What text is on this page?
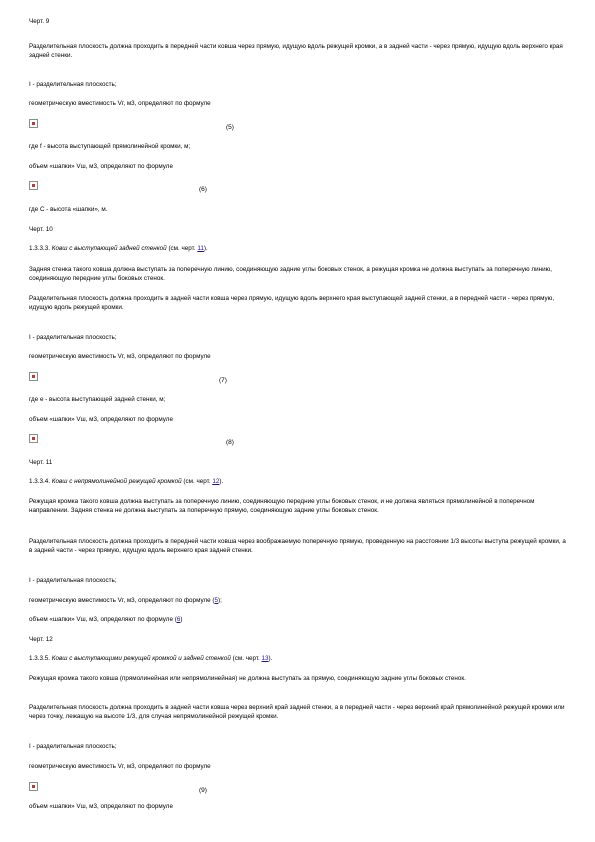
Черт. 9
Разделительная плоскость должна проходить в передней части ковша через прямую, идущую вдоль режущей кромки, а в задней части - через прямую, идущую вдоль верхнего края задней стенки.
I - разделительная плоскость;
геометрическую вместимость Vг, м3, определяют по формуле
(5)
где f - высота выступающей прямолинейной кромки, м;
объем «шапки» Vш, м3, определяют по формуле
(6)
где С - высота «шапки», м.
Черт. 10
1.3.3.3. Ковш с выступающей задней стенкой (см. черт. 11).
Задняя стенка такого ковша должна выступать за поперечную линию, соединяющую задние углы боковых стенок, а режущая кромка не должна выступать за поперечную линию, соединяющую передние углы боковых стенок.
Разделительная плоскость должна проходить в задней части ковша через прямую, идущую вдоль верхнего края выступающей задней стенки, а в передней части - через прямую, идущую вдоль режущей кромки.
I - разделительная плоскость;
геометрическую вместимость Vг, м3, определяют по формуле
(7)
где e - высота выступающей задней стенки, м;
объем «шапки» Vш, м3, определяют по формуле
(8)
Черт. 11
1.3.3.4. Ковш с непрямолинейной режущей кромкой (см. черт. 12).
Режущая кромка такого ковша должна выступать за поперечную линию, соединяющую передние углы боковых стенок, и не должна являться прямолинейной в поперечном направлении. Задняя стенка не должна выступать за поперечную прямую, соединяющую задние углы боковых стенок.
Разделительная плоскость должна проходить в передней части ковша через воображаемую поперечную прямую, проведенную на расстоянии 1/3 высоты выступа режущей кромки, а в задней части - через прямую, идущую вдоль верхнего края задней стенки.
I - разделительная плоскость;
геометрическую вместимость Vг, м3, определяют по формуле (5);
объем «шапки» Vш, м3, определяют по формуле (6)
Черт. 12
1.3.3.5. Ковш с выступающими режущей кромкой и задней стенкой (см. черт. 13).
Режущая кромка такого ковша (прямолинейная или непрямолинейная) не должна выступать за прямую, соединяющую задние углы боковых стенок.
Разделительная плоскость должна проходить в задней части ковша через верхний край задней стенки, а в передней части - через верхний край прямолинейной режущей кромки или через точку, лежащую на высоте 1/3, для случая непрямолинейной режущей кромки.
I - разделительная плоскость;
геометрическую вместимость Vг, м3, определяют по формуле
(9)
объем «шапки» Vш, м3, определяют по формуле
